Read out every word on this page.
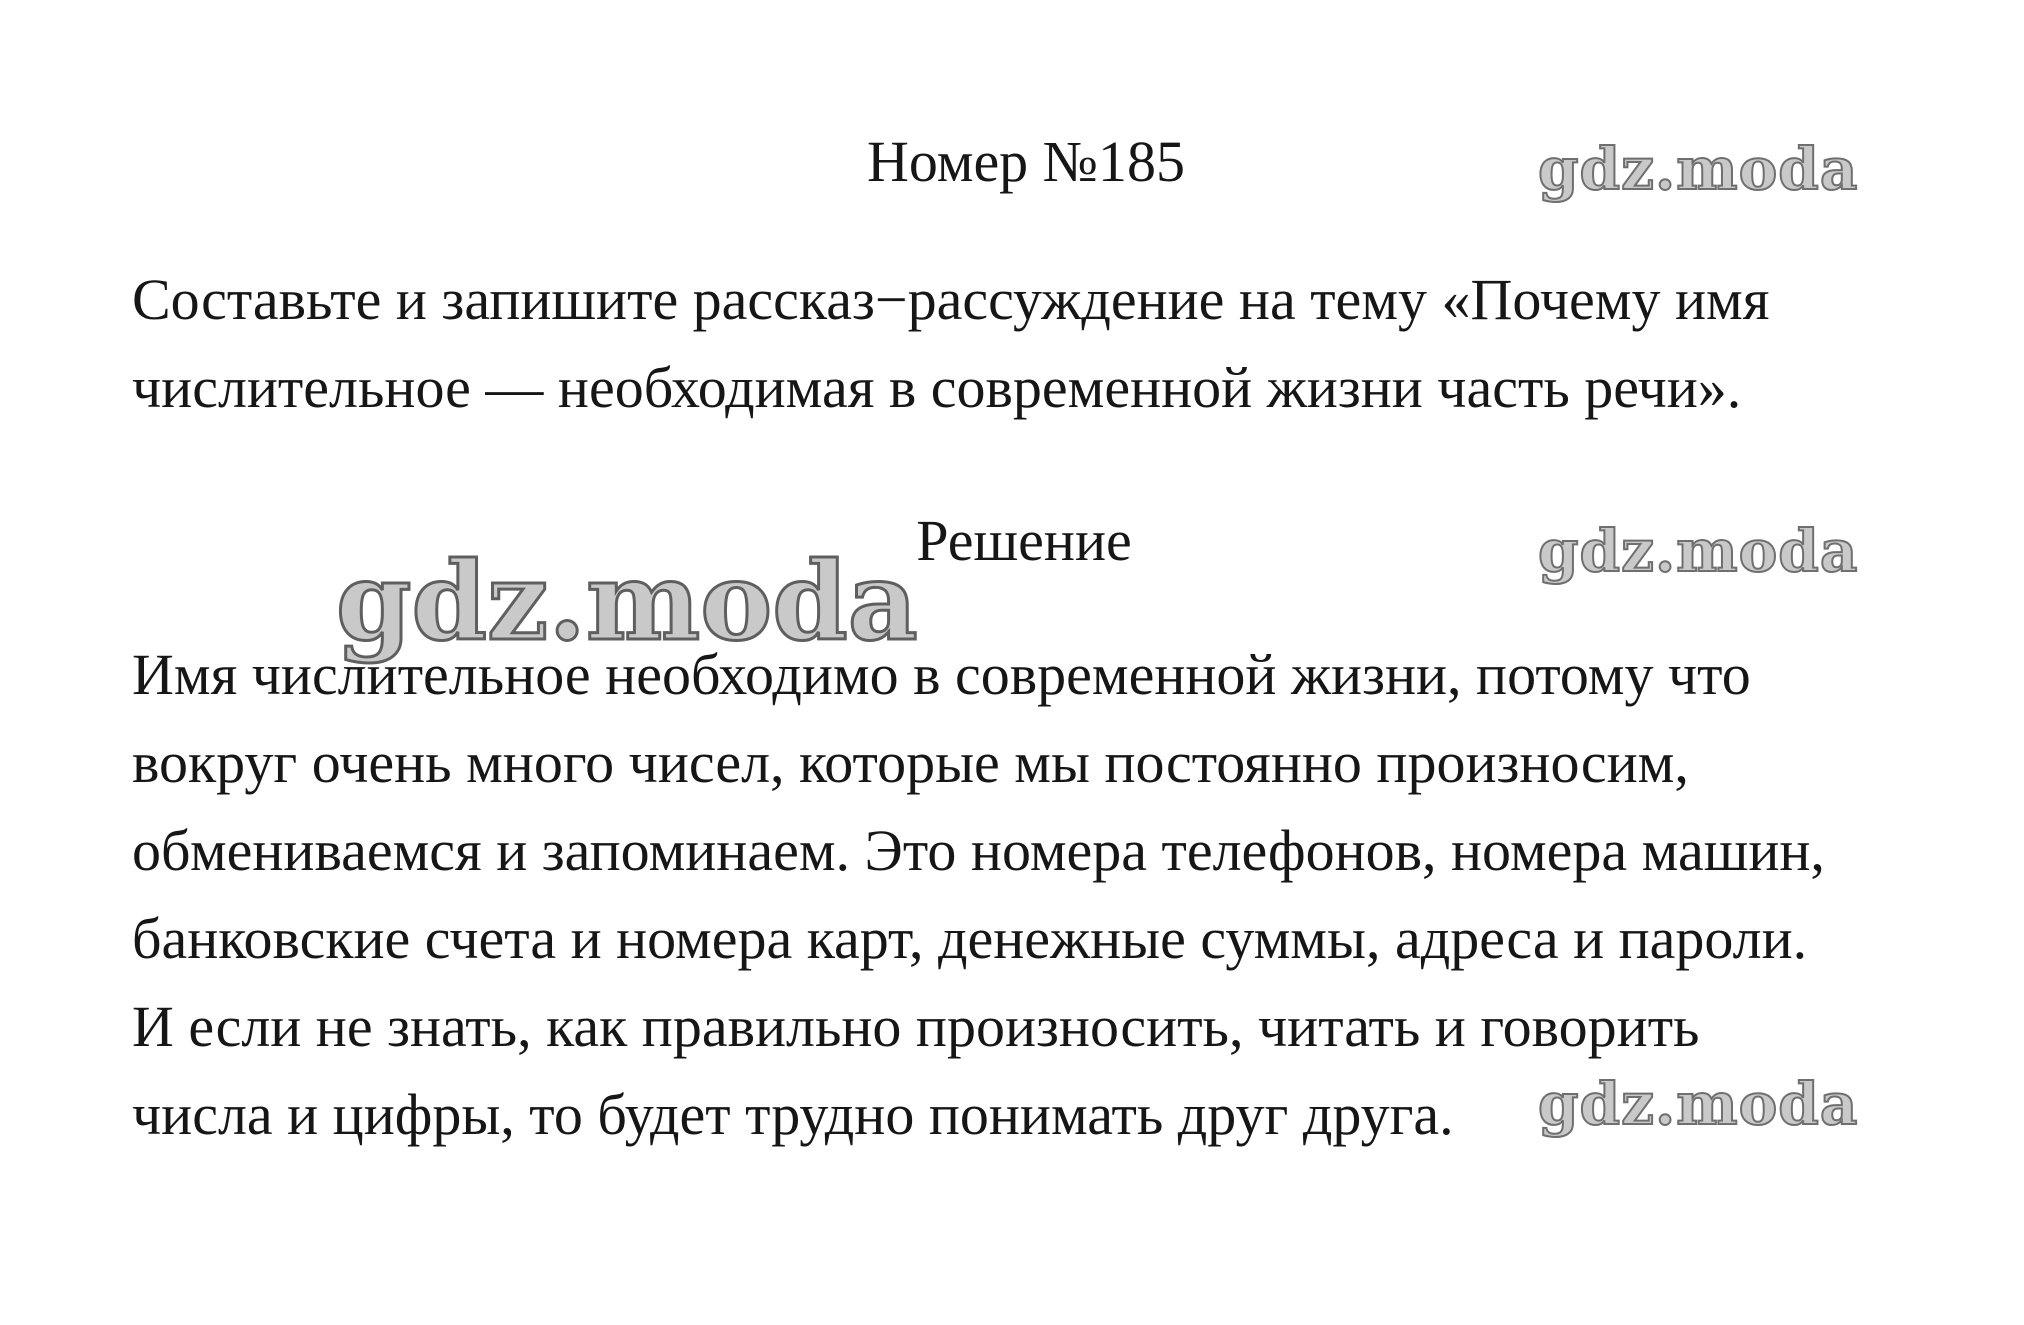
Номер №185
Составьте и запишите рассказ−рассуждение на тему «Почему имя
числительное — необходимая в современной жизни часть речи».
Решение
Имя числительное необходимо в современной жизни, потому что
вокруг очень много чисел, которые мы постоянно произносим,
обмениваемся и запоминаем. Это номера телефонов, номера машин,
банковские счета и номера карт, денежные суммы, адреса и пароли.
И если не знать, как правильно произносить, читать и говорить
числа и цифры, то будет трудно понимать друг друга.
gdz.moda
gdz.moda
gdz.moda
gdz.moda
